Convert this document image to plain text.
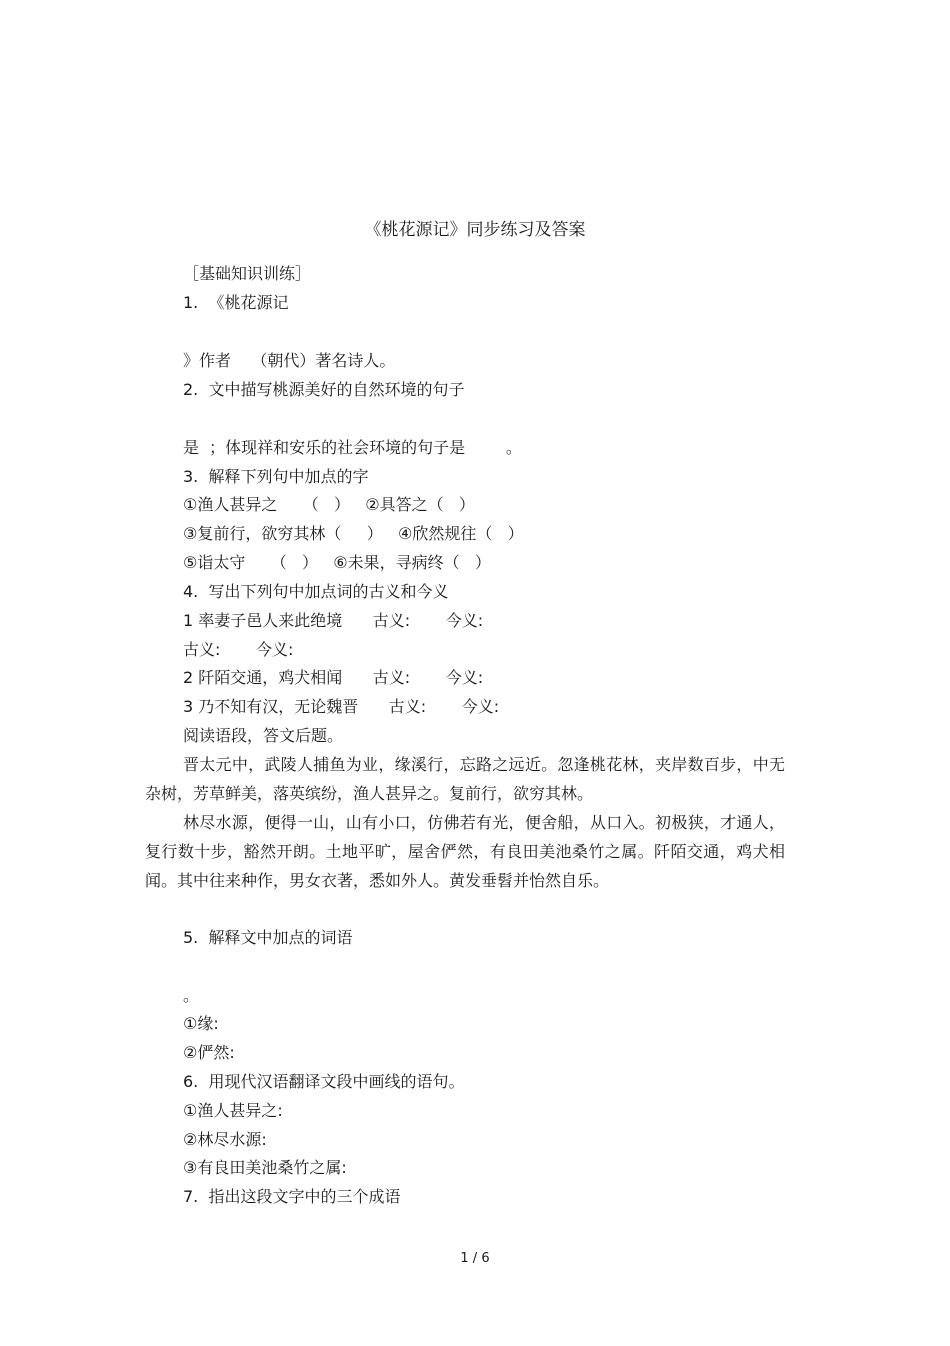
《桃花源记》同步练习及答案
［基础知识训练］
1.  《桃花源记
》作者    （朝代）著名诗人。
2.  文中描写桃源美好的自然环境的句子
是  ；体现祥和安乐的社会环境的句子是        。
3.  解释下列句中加点的字
①渔人甚异之     （   ）   ②具答之（   ）
③复前行，欲穷其林（     ）   ④欣然规往（   ）
⑤诣太守     （   ）   ⑥未果，寻病终（   ）
4.  写出下列句中加点词的古义和今义
1 率妻子邑人来此绝境      古义:       今义:
古义:       今义:
2 阡陌交通，鸡犬相闻      古义:       今义:
3 乃不知有汉，无论魏晋      古义:       今义:
阅读语段，答文后题。
晋太元中，武陵人捕鱼为业，缘溪行，忘路之远近。忽逢桃花林，夹岸数百步，中无杂树，芳草鲜美，落英缤纷，渔人甚异之。复前行，欲穷其林。
林尽水源，便得一山，山有小口，仿佛若有光，便舍船，从口入。初极狭，才通人，复行数十步，豁然开朗。土地平旷，屋舍俨然，有良田美池桑竹之属。阡陌交通，鸡犬相闻。其中往来种作，男女衣著，悉如外人。黄发垂髫并怡然自乐。
5.  解释文中加点的词语
。
①缘:
②俨然:
6.  用现代汉语翻译文段中画线的语句。
①渔人甚异之:
②林尽水源:
③有良田美池桑竹之属:
7.  指出这段文字中的三个成语
1 / 6
